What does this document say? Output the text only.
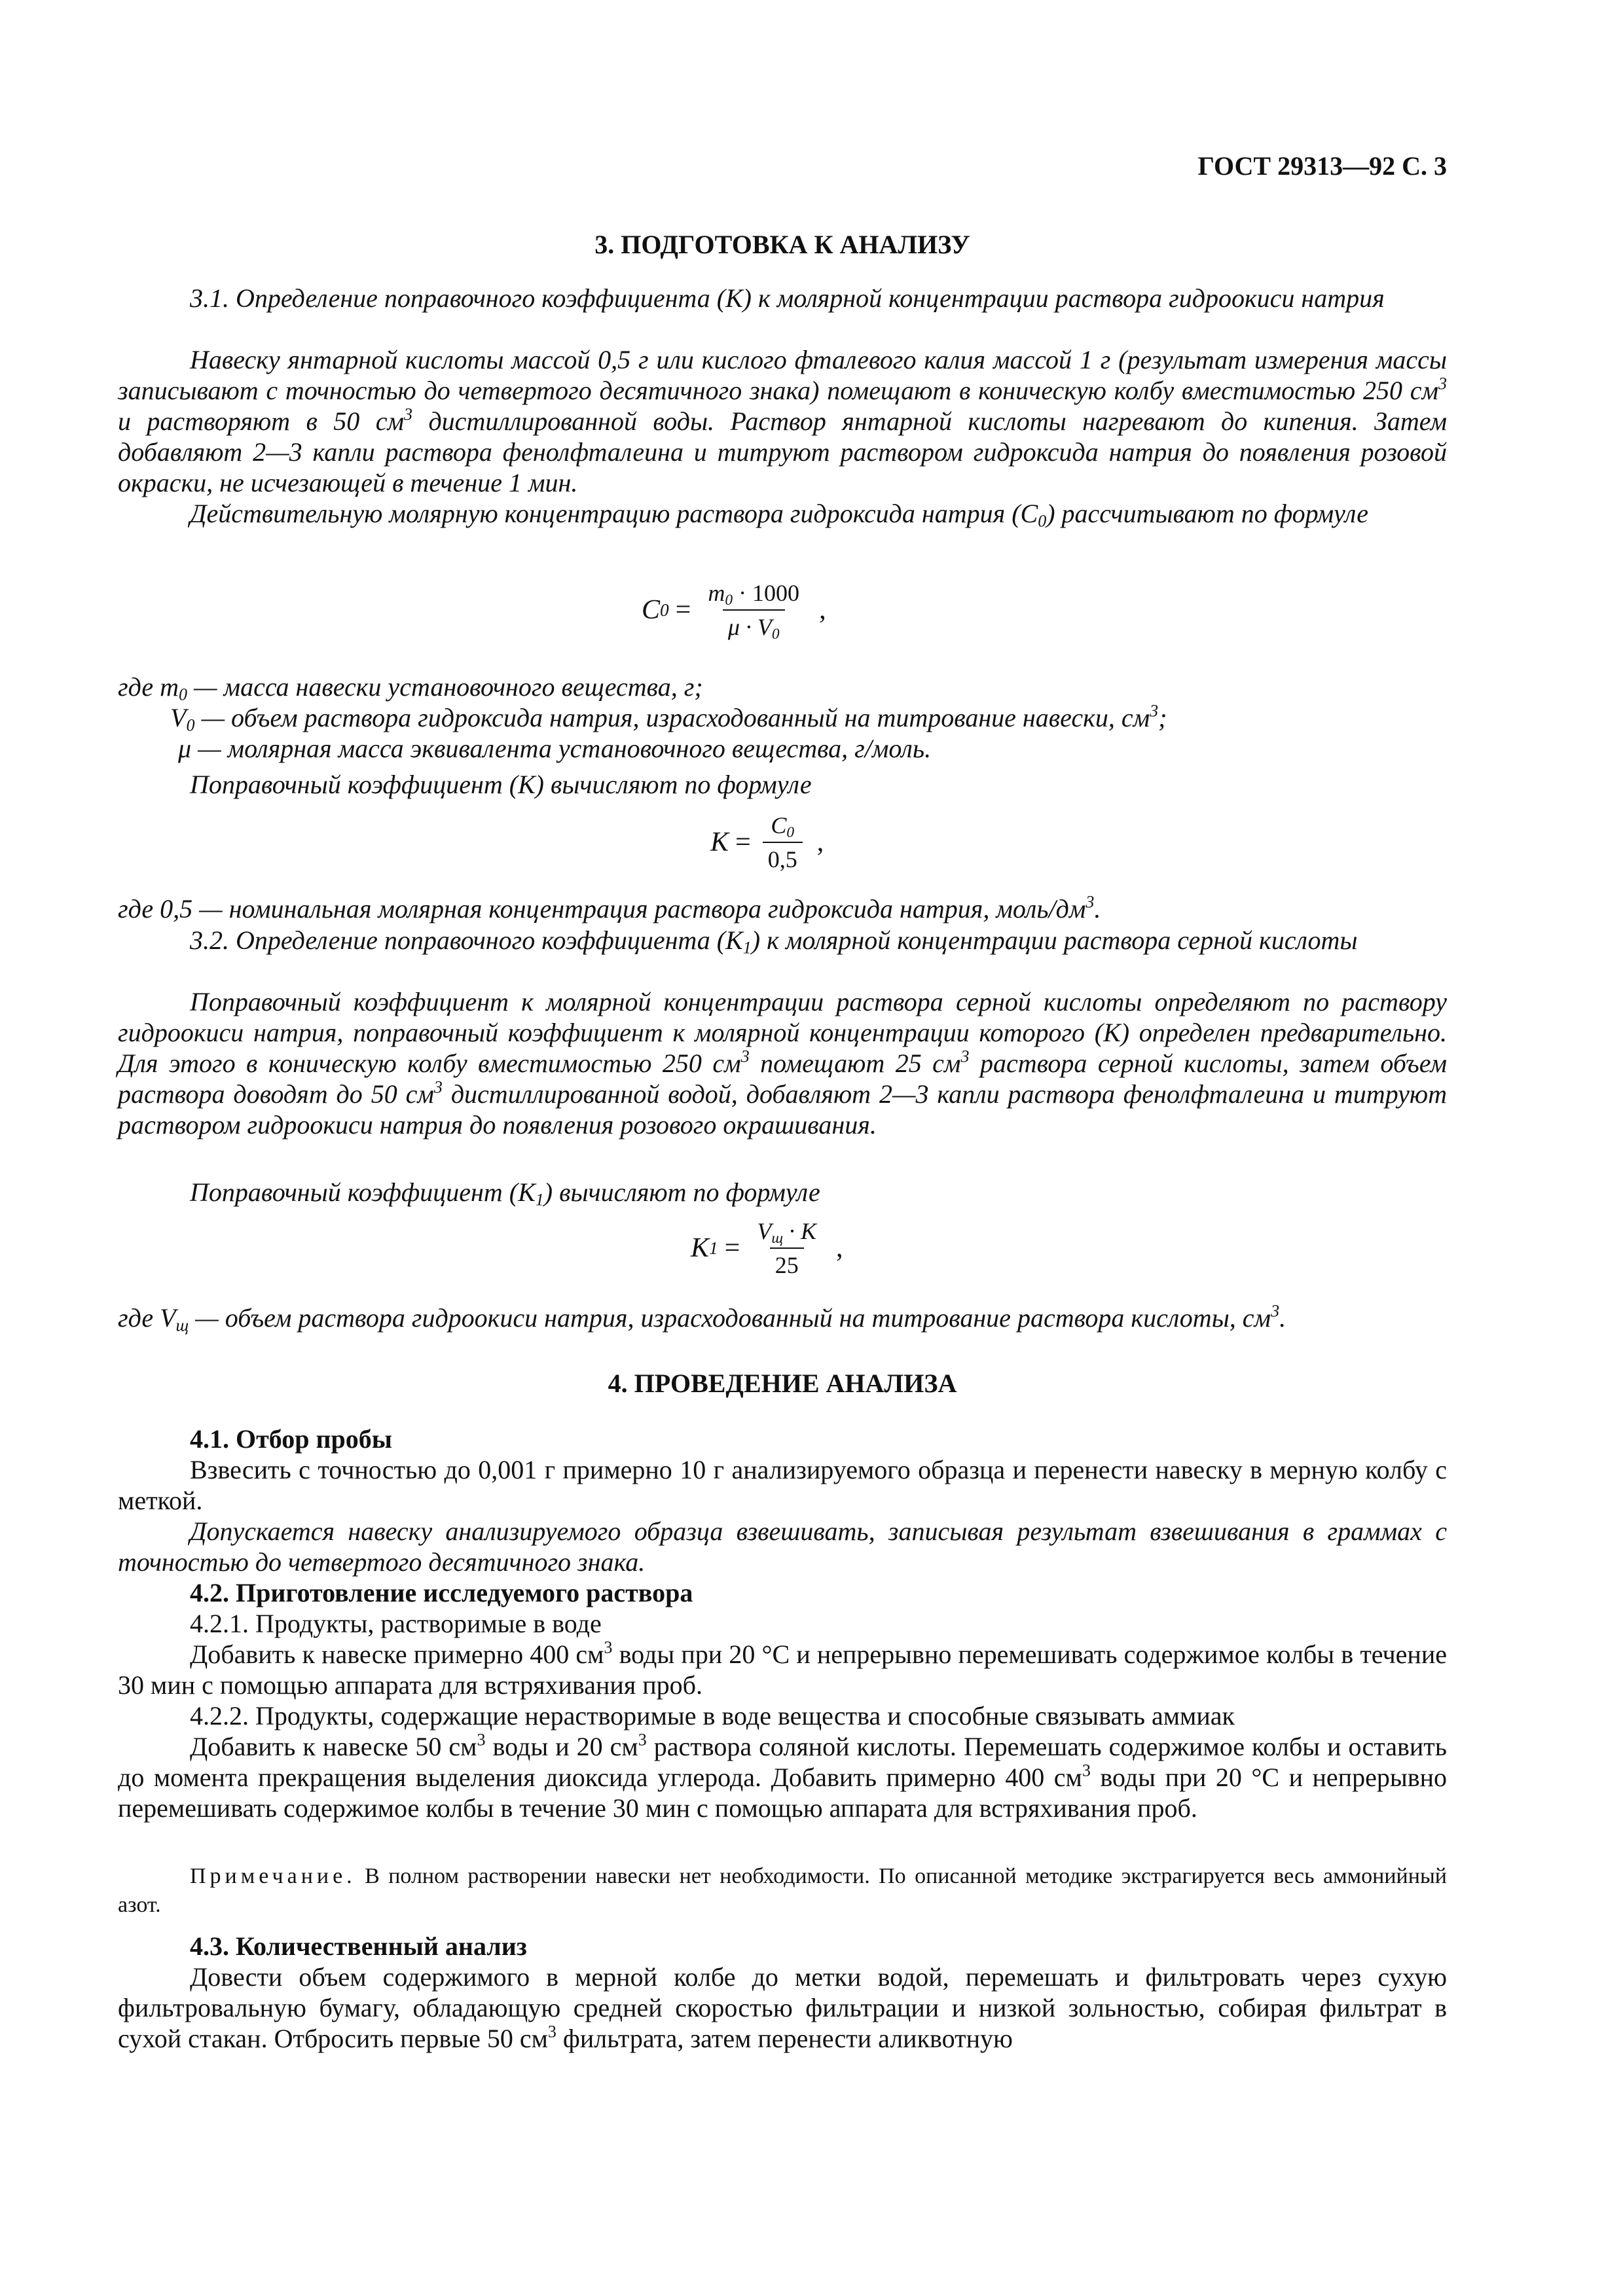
ГОСТ 29313—92 С. 3
3. ПОДГОТОВКА К АНАЛИЗУ
3.1. Определение поправочного коэффициента (К) к молярной концентрации раствора гидроокиси натрия
Навеску янтарной кислоты массой 0,5 г или кислого фталевого калия массой 1 г (результат измерения массы записывают с точностью до четвертого десятичного знака) помещают в коническую колбу вместимостью 250 $см^3$ и растворяют в 50 $см^3$ дистиллированной воды. Раствор янтарной кислоты нагревают до кипения. Затем добавляют 2—3 капли раствора фенолфталеина и титруют раствором гидроксида натрия до появления розовой окраски, не исчезающей в течение 1 мин.
Действительную молярную концентрацию раствора гидроксида натрия $(C_0)$ рассчитывают по формуле
C $0 = \frac{m_0 \cdot 1000}{\mu \cdot V_0}$ ,
где $m_0$ — масса навески установочного вещества, г;
$V_0$ — объем раствора гидроксида натрия, израсходованный на титрование навески, $см^3$;
μ — молярная масса эквивалента установочного вещества, г/моль.
Поправочный коэффициент (К) вычисляют по формуле
$K = \frac{C_0}{0,5}$ ,
где 0,5 — номинальная молярная концентрация раствора гидроксида натрия, моль/$дм^3$.
3.2. Определение поправочного коэффициента $(K_1)$ к молярной концентрации раствора серной кислоты
Поправочный коэффициент к молярной концентрации раствора серной кислоты определяют по раствору гидроокиси натрия, поправочный коэффициент к молярной концентрации которого (К) определен предварительно. Для этого в коническую колбу вместимостью 250 $см^3$ помещают 25 $см^3$ раствора серной кислоты, затем объем раствора доводят до 50 $см^3$ дистиллированной водой, добавляют 2—3 капли раствора фенолфталеина и титруют раствором гидроокиси натрия до появления розового окрашивания.
Поправочный коэффициент $(K_1)$ вычисляют по формуле
K $1 = \frac{V_щ \cdot K}{25}$ ,
где $V_щ$ — объем раствора гидроокиси натрия, израсходованный на титрование раствора кислоты, $см^3$.
4. ПРОВЕДЕНИЕ АНАЛИЗА
4.1. Отбор пробы
Взвесить с точностью до 0,001 г примерно 10 г анализируемого образца и перенести навеску в мерную колбу с меткой.
Допускается навеску анализируемого образца взвешивать, записывая результат взвешивания в граммах с точностью до четвертого десятичного знака.
4.2. Приготовление исследуемого раствора
4.2.1. Продукты, растворимые в воде
Добавить к навеске примерно 400 $см^3$ воды при 20 °С и непрерывно перемешивать содержимое колбы в течение 30 мин с помощью аппарата для встряхивания проб.
4.2.2. Продукты, содержащие нерастворимые в воде вещества и способные связывать аммиак
Добавить к навеске 50 $см^3$ воды и 20 $см^3$ раствора соляной кислоты. Перемешать содержимое колбы и оставить до момента прекращения выделения диоксида углерода. Добавить примерно 400 $см^3$ воды при 20 °С и непрерывно перемешивать содержимое колбы в течение 30 мин с помощью аппарата для встряхивания проб.
Примечание. В полном растворении навески нет необходимости. По описанной методике экстрагируется весь аммонийный азот.
4.3. Количественный анализ
Довести объем содержимого в мерной колбе до метки водой, перемешать и фильтровать через сухую фильтровальную бумагу, обладающую средней скоростью фильтрации и низкой зольностью, собирая фильтрат в сухой стакан. Отбросить первые 50 $см^3$ фильтрата, затем перенести аликвотную
